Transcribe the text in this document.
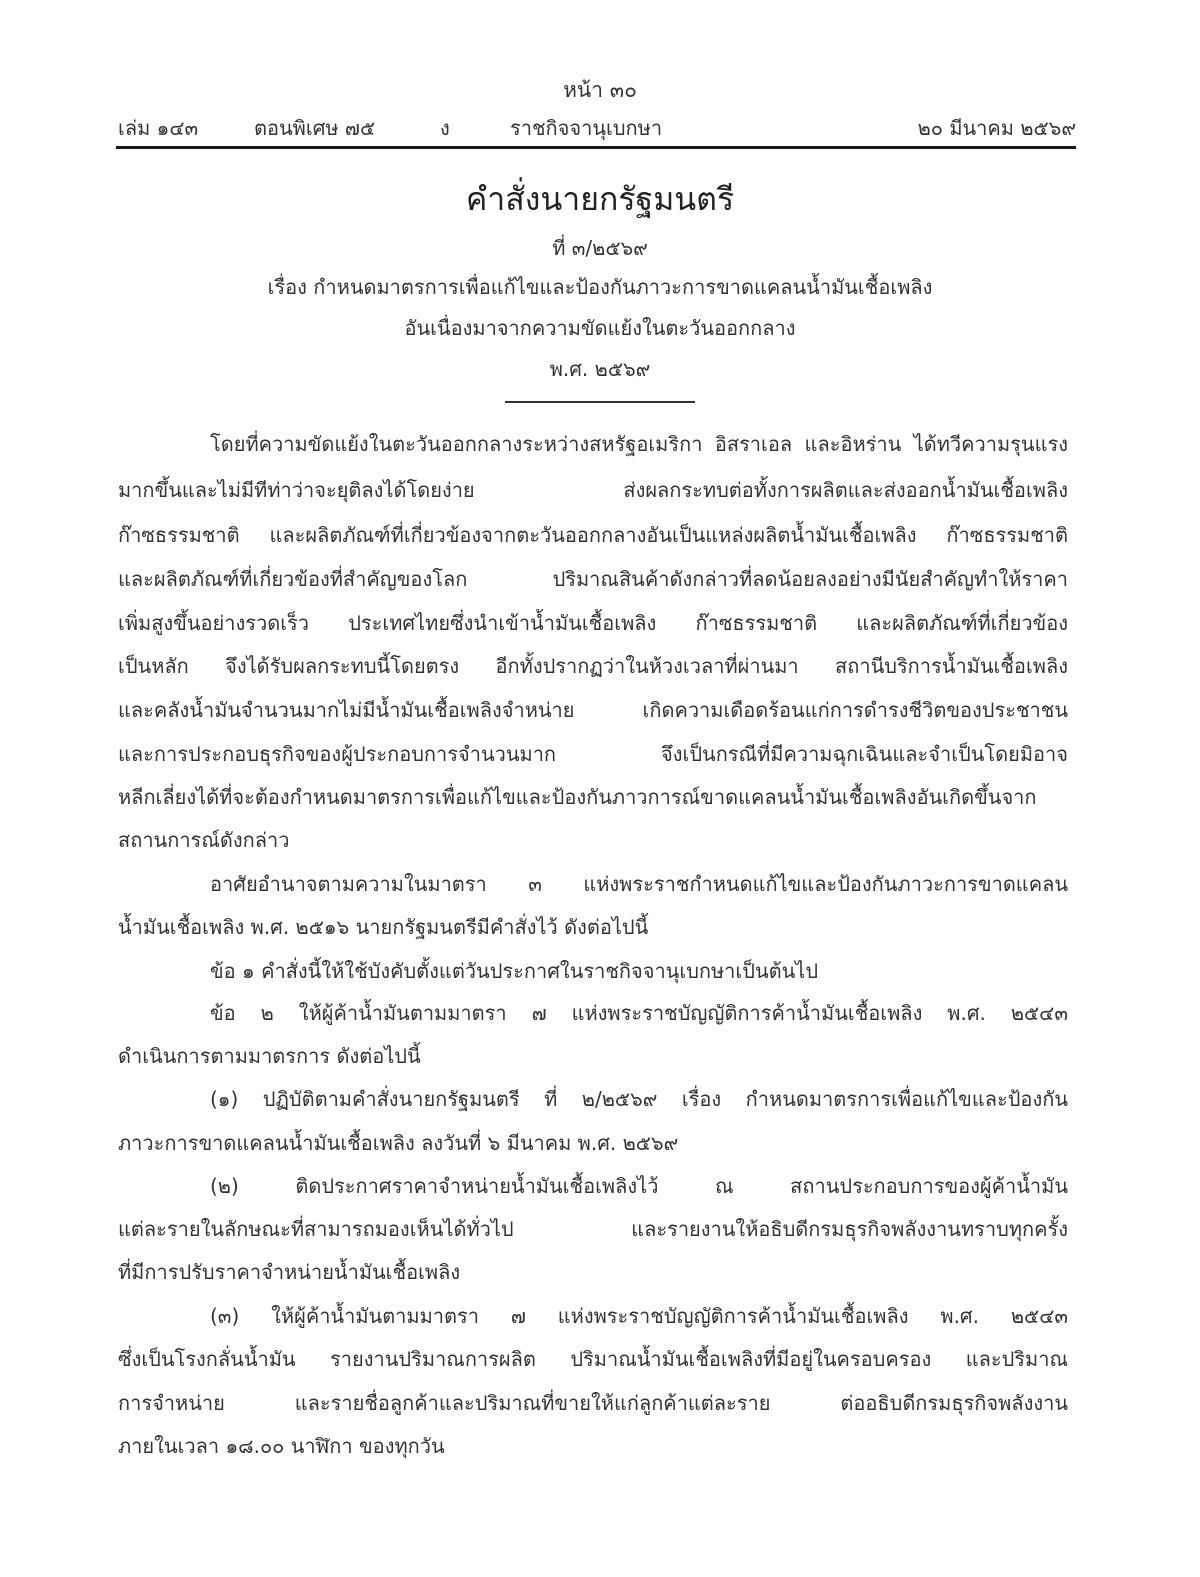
หน้า ๓๐
เล่ม ๑๔๓	ตอนพิเศษ ๗๕	ง	ราชกิจจานุเบกษา	๒๐ มีนาคม ๒๕๖๙
คำสั่งนายกรัฐมนตรี
ที่ ๓/๒๕๖๙
เรื่อง กำหนดมาตรการเพื่อแก้ไขและป้องกันภาวะการขาดแคลนน้ำมันเชื้อเพลิง
อันเนื่องมาจากความขัดแย้งในตะวันออกกลาง
พ.ศ. ๒๕๖๙
โดยที่ความขัดแย้งในตะวันออกกลางระหว่างสหรัฐอเมริกา อิสราเอล และอิหร่าน ได้ทวีความรุนแรง
มากขึ้นและไม่มีทีท่าว่าจะยุติลงได้โดยง่าย ส่งผลกระทบต่อทั้งการผลิตและส่งออกน้ำมันเชื้อเพลิง
ก๊าซธรรมชาติ และผลิตภัณฑ์ที่เกี่ยวข้องจากตะวันออกกลางอันเป็นแหล่งผลิตน้ำมันเชื้อเพลิง ก๊าซธรรมชาติ
และผลิตภัณฑ์ที่เกี่ยวข้องที่สำคัญของโลก ปริมาณสินค้าดังกล่าวที่ลดน้อยลงอย่างมีนัยสำคัญทำให้ราคา
เพิ่มสูงขึ้นอย่างรวดเร็ว ประเทศไทยซึ่งนำเข้าน้ำมันเชื้อเพลิง ก๊าซธรรมชาติ และผลิตภัณฑ์ที่เกี่ยวข้อง
เป็นหลัก จึงได้รับผลกระทบนี้โดยตรง อีกทั้งปรากฏว่าในห้วงเวลาที่ผ่านมา สถานีบริการน้ำมันเชื้อเพลิง
และคลังน้ำมันจำนวนมากไม่มีน้ำมันเชื้อเพลิงจำหน่าย เกิดความเดือดร้อนแก่การดำรงชีวิตของประชาชน
และการประกอบธุรกิจของผู้ประกอบการจำนวนมาก จึงเป็นกรณีที่มีความฉุกเฉินและจำเป็นโดยมิอาจ
หลีกเลี่ยงได้ที่จะต้องกำหนดมาตรการเพื่อแก้ไขและป้องกันภาวการณ์ขาดแคลนน้ำมันเชื้อเพลิงอันเกิดขึ้นจาก
สถานการณ์ดังกล่าว
อาศัยอำนาจตามความในมาตรา ๓ แห่งพระราชกำหนดแก้ไขและป้องกันภาวะการขาดแคลน
น้ำมันเชื้อเพลิง พ.ศ. ๒๕๑๖ นายกรัฐมนตรีมีคำสั่งไว้ ดังต่อไปนี้
ข้อ ๑ คำสั่งนี้ให้ใช้บังคับตั้งแต่วันประกาศในราชกิจจานุเบกษาเป็นต้นไป
ข้อ ๒ ให้ผู้ค้าน้ำมันตามมาตรา ๗ แห่งพระราชบัญญัติการค้าน้ำมันเชื้อเพลิง พ.ศ. ๒๕๔๓
ดำเนินการตามมาตรการ ดังต่อไปนี้
(๑) ปฏิบัติตามคำสั่งนายกรัฐมนตรี ที่ ๒/๒๕๖๙ เรื่อง กำหนดมาตรการเพื่อแก้ไขและป้องกัน
ภาวะการขาดแคลนน้ำมันเชื้อเพลิง ลงวันที่ ๖ มีนาคม พ.ศ. ๒๕๖๙
(๒) ติดประกาศราคาจำหน่ายน้ำมันเชื้อเพลิงไว้ ณ สถานประกอบการของผู้ค้าน้ำมัน
แต่ละรายในลักษณะที่สามารถมองเห็นได้ทั่วไป และรายงานให้อธิบดีกรมธุรกิจพลังงานทราบทุกครั้ง
ที่มีการปรับราคาจำหน่ายน้ำมันเชื้อเพลิง
(๓) ให้ผู้ค้าน้ำมันตามมาตรา ๗ แห่งพระราชบัญญัติการค้าน้ำมันเชื้อเพลิง พ.ศ. ๒๕๔๓
ซึ่งเป็นโรงกลั่นน้ำมัน รายงานปริมาณการผลิต ปริมาณน้ำมันเชื้อเพลิงที่มีอยู่ในครอบครอง และปริมาณ
การจำหน่าย และรายชื่อลูกค้าและปริมาณที่ขายให้แก่ลูกค้าแต่ละราย ต่ออธิบดีกรมธุรกิจพลังงาน
ภายในเวลา ๑๘.๐๐ นาฬิกา ของทุกวัน
